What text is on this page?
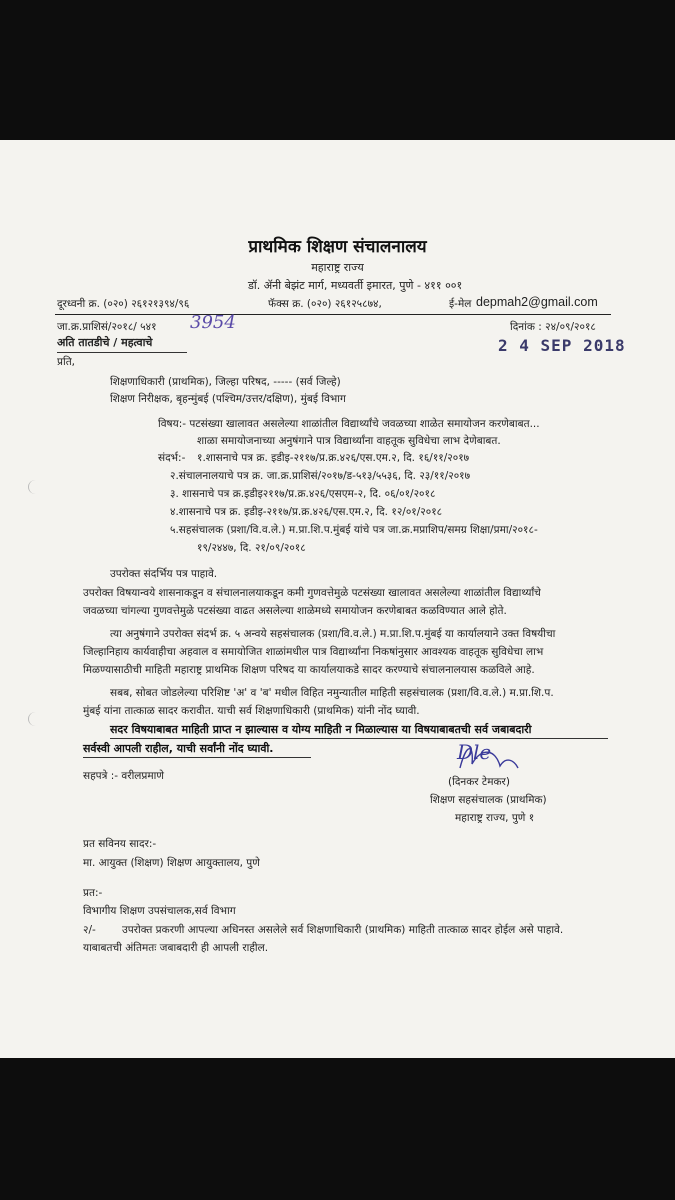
प्राथमिक शिक्षण संचालनालय
महाराष्ट्र राज्य
डॉ. ॲनी बेझंट मार्ग, मध्यवर्ती इमारत, पुणे - ४११ ००१
दूरध्वनी क्र. (०२०) २६१२१३९४/९६	फॅक्स क्र. (०२०) २६१२५८७४,	ई-मेल depmah2@gmail.com
जा.क्र.प्राशिसं/२०१८/ ५४१ 3954	दिनांक : २४/०९/२०१८
2 4 SEP 2018
अति तातडीचे / महत्वाचे
प्रति,
शिक्षणाधिकारी (प्राथमिक), जिल्हा परिषद, ----- (सर्व जिल्हे)
शिक्षण निरीक्षक, बृहन्मुंबई (पश्चिम/उत्तर/दक्षिण), मुंबई विभाग
विषय:- पटसंख्या खालावत असलेल्या शाळांतील विद्यार्थ्यांचे जवळच्या शाळेत समायोजन करणेबाबत...
शाळा समायोजनाच्या अनुषंगाने पात्र विद्यार्थ्यांना वाहतूक सुविधेचा लाभ देणेबाबत.
संदर्भ:- १.शासनाचे पत्र क्र. इडीइ-२११७/प्र.क्र.४२६/एस.एम.२, दि. १६/११/२०१७
२.संचालनालयाचे पत्र क्र. जा.क्र.प्राशिसं/२०१७/ड-५१३/५५३६, दि. २३/११/२०१७
३. शासनाचे पत्र क्र.इडीइ२११७/प्र.क्र.४२६/एसएम-२, दि. ०६/०१/२०१८
४.शासनाचे पत्र क्र. इडीइ-२११७/प्र.क्र.४२६/एस.एम.२, दि. १२/०१/२०१८
५.सहसंचालक (प्रशा/वि.व.ले.) म.प्रा.शि.प.मुंबई यांचे पत्र जा.क्र.मप्राशिप/समग्र शिक्षा/प्रमा/२०१८-
१९/२४४७, दि. २१/०९/२०१८
उपरोक्त संदर्भिय पत्र पाहावे.
उपरोक्त विषयान्वये शासनाकडून व संचालनालयाकडून कमी गुणवत्तेमुळे पटसंख्या खालावत असलेल्या शाळांतील विद्यार्थ्यांचे
जवळच्या चांगल्या गुणवत्तेमुळे पटसंख्या वाढत असलेल्या शाळेमध्ये समायोजन करणेबाबत कळविण्यात आले होते.
त्या अनुषंगाने उपरोक्त संदर्भ क्र. ५ अन्वये सहसंचालक (प्रशा/वि.व.ले.) म.प्रा.शि.प.मुंबई या कार्यालयाने उक्त विषयीचा
जिल्हानिहाय कार्यवाहीचा अहवाल व समायोजित शाळांमधील पात्र विद्यार्थ्यांना निकषांनुसार आवश्यक वाहतूक सुविधेचा लाभ
मिळण्यासाठीची माहिती महाराष्ट्र प्राथमिक शिक्षण परिषद या कार्यालयाकडे सादर करण्याचे संचालनालयास कळविले आहे.
सबब, सोबत जोडलेल्या परिशिष्ट 'अ' व 'ब' मधील विहित नमुन्यातील माहिती सहसंचालक (प्रशा/वि.व.ले.) म.प्रा.शि.प.
मुंबई यांना तात्काळ सादर करावीत. याची सर्व शिक्षणाधिकारी (प्राथमिक) यांनी नोंद घ्यावी.
सदर विषयाबाबत माहिती प्राप्त न झाल्यास व योग्य माहिती न मिळाल्यास या विषयाबाबतची सर्व जबाबदारी
सर्वस्वी आपली राहील, याची सर्वांनी नोंद घ्यावी.
सहपत्रे :- वरीलप्रमाणे
Dle
(दिनकर टेमकर)
शिक्षण सहसंचालक (प्राथमिक)
महाराष्ट्र राज्य, पुणे १
प्रत सविनय सादर:-
मा. आयुक्त (शिक्षण) शिक्षण आयुक्तालय, पुणे
प्रत:-
विभागीय शिक्षण उपसंचालक,सर्व विभाग
२/- उपरोक्त प्रकरणी आपल्या अधिनस्त असलेले सर्व शिक्षणाधिकारी (प्राथमिक) माहिती तात्काळ सादर होईल असे पाहावे.
याबाबतची अंतिमतः जबाबदारी ही आपली राहील.
